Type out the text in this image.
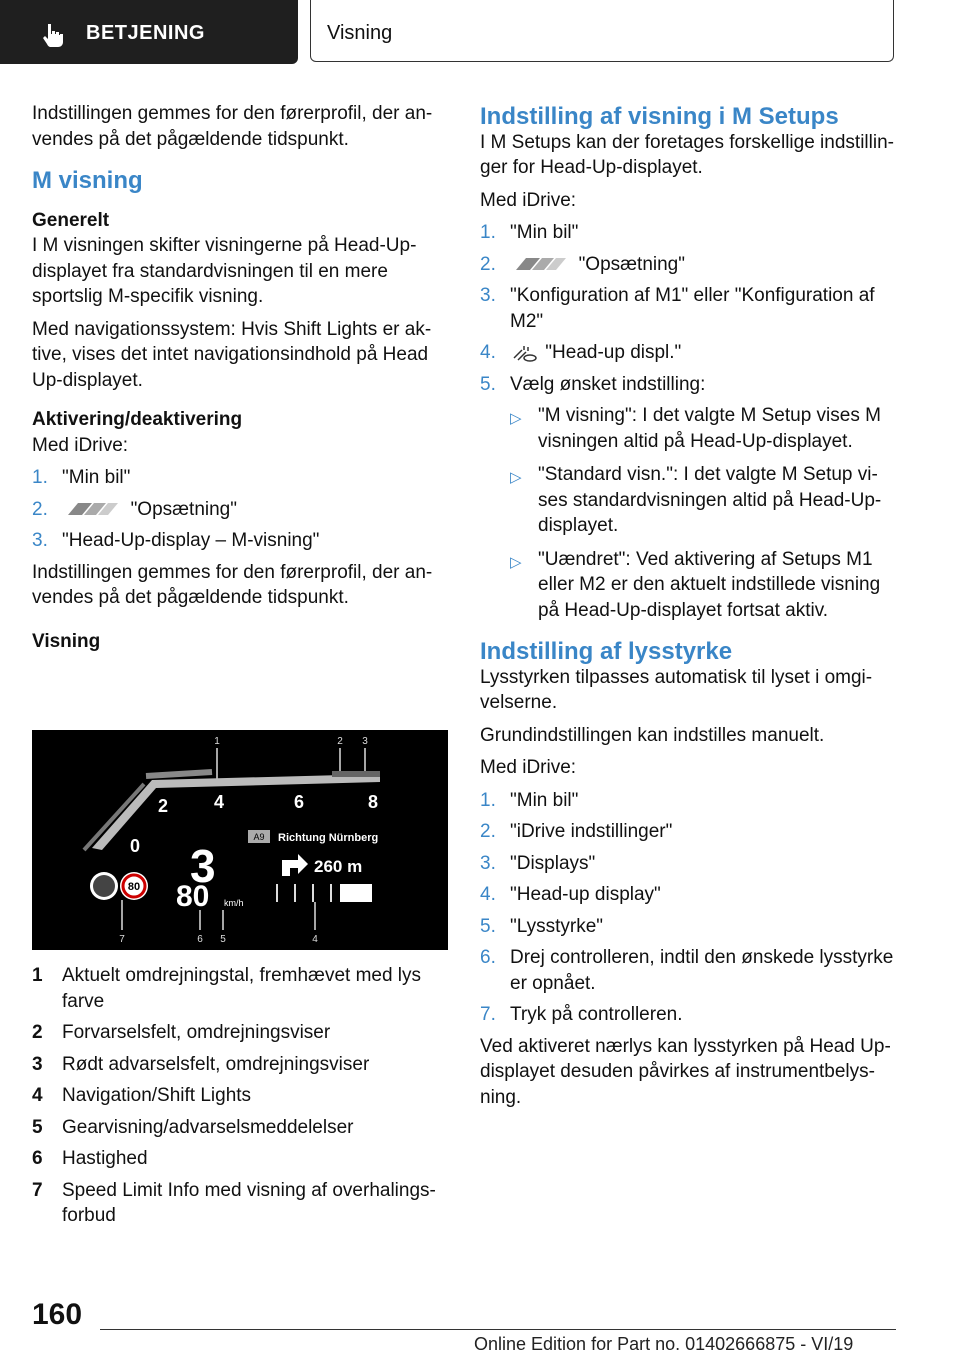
BETJENING	Visning

Indstillingen gemmes for den førerprofil, der anvendes på det pågældende tidspunkt.

M visning
Generelt

I M visningen skifter visningerne på Head-Up-displayet fra standardvisningen til en mere sportslig M-specifik visning.

Med navigationssystem: Hvis Shift Lights er aktive, vises det intet navigationsindhold på Head Up-displayet.

Aktivering/deaktivering

Med iDrive:

1. "Min bil"
2.	"Opsætning"
3. "Head-Up-display – M-visning"

Indstillingen gemmes for den førerprofil, der anvendes på det pågældende tidspunkt.

Visning
1	2 3
0
2	4	6	8
3
80 km/h
80
A9 Richtung Nürnberg
260 m
7	6 5	4
1 Aktuelt omdrejningstal, fremhævet med lys farve
2 Forvarselsfelt, omdrejningsviser
3 Rødt advarselsfelt, omdrejningsviser
4 Navigation/Shift Lights
5 Gearvisning/advarselsmeddelelser
6 Hastighed
7 Speed Limit Info med visning af overhalingsforbud
Indstilling af visning i M Setups

I M Setups kan der foretages forskellige indstillinger for Head-Up-displayet.

Med iDrive:

1. "Min bil"
2.	"Opsætning"
3. "Konfiguration af M1" eller "Konfiguration af M2"
4.	"Head-up displ."
5. Vælg ønsket indstilling:
▷ "M visning": I det valgte M Setup vises M visningen altid på Head-Up-displayet.
▷ "Standard visn.": I det valgte M Setup vises standardvisningen altid på Head-Up-displayet.
▷ "Uændret": Ved aktivering af Setups M1 eller M2 er den aktuelt indstillede visning på Head-Up-displayet fortsat aktiv.
Indstilling af lysstyrke

Lysstyrken tilpasses automatisk til lyset i omgivelserne.

Grundindstillingen kan indstilles manuelt.

Med iDrive:

1. "Min bil"
2. "iDrive indstillinger"
3. "Displays"
4. "Head-up display"
5. "Lysstyrke"
6. Drej controlleren, indtil den ønskede lysstyrke er opnået.
7. Tryk på controlleren.

Ved aktiveret nærlys kan lysstyrken på Head Up-displayet desuden påvirkes af instrumentbelysning.

160
Online Edition for Part no. 01402666875 - VI/19
